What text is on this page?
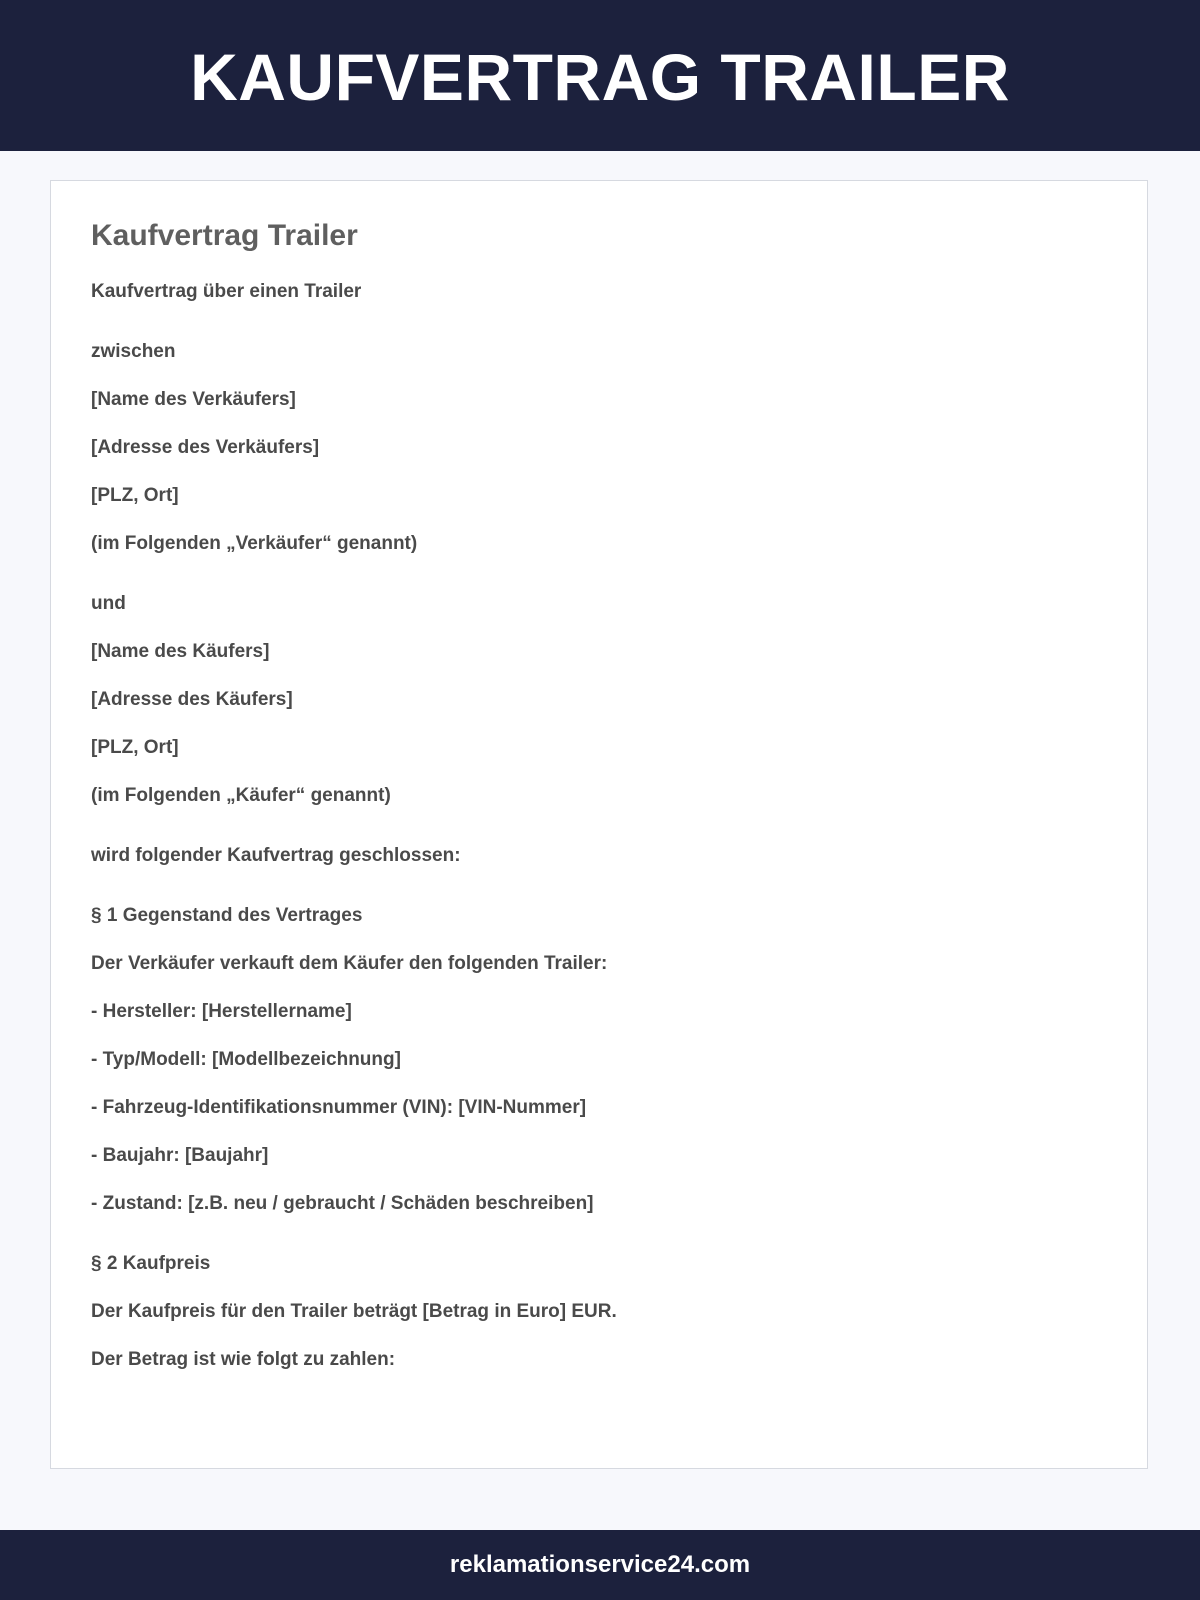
KAUFVERTRAG TRAILER
Kaufvertrag Trailer

Kaufvertrag über einen Trailer

zwischen

[Name des Verkäufers]

[Adresse des Verkäufers]

[PLZ, Ort]

(im Folgenden „Verkäufer“ genannt)

und

[Name des Käufers]

[Adresse des Käufers]

[PLZ, Ort]

(im Folgenden „Käufer“ genannt)

wird folgender Kaufvertrag geschlossen:

§ 1 Gegenstand des Vertrages

Der Verkäufer verkauft dem Käufer den folgenden Trailer:

- Hersteller: [Herstellername]

- Typ/Modell: [Modellbezeichnung]

- Fahrzeug-Identifikationsnummer (VIN): [VIN-Nummer]

- Baujahr: [Baujahr]

- Zustand: [z.B. neu / gebraucht / Schäden beschreiben]

§ 2 Kaufpreis

Der Kaufpreis für den Trailer beträgt [Betrag in Euro] EUR.

Der Betrag ist wie folgt zu zahlen:

reklamationservice24.com
